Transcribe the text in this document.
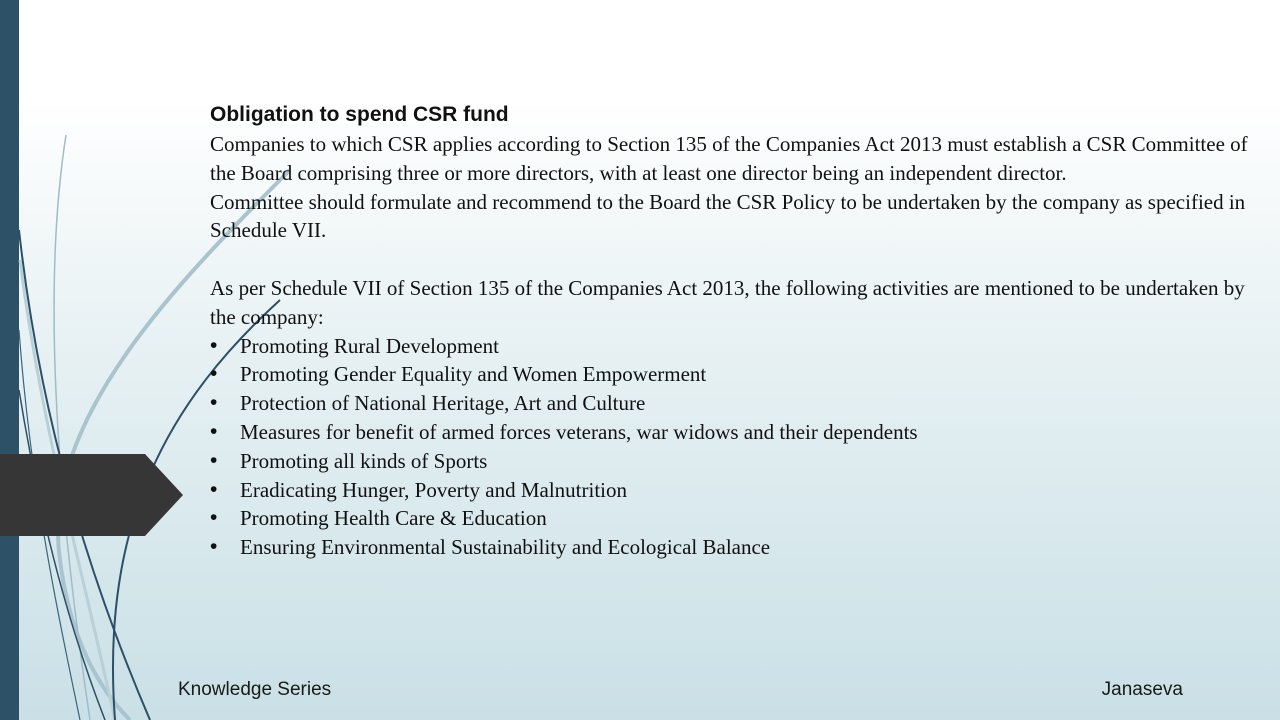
Obligation to spend CSR fund

Companies to which CSR applies according to Section 135 of the Companies Act 2013 must establish a CSR Committee of the Board comprising three or more directors, with at least one director being an independent director.

Committee should formulate and recommend to the Board the CSR Policy to be undertaken by the company as specified in Schedule VII.

As per Schedule VII of Section 135 of the Companies Act 2013, the following activities are mentioned to be undertaken by the company:

• Promoting Rural Development
• Promoting Gender Equality and Women Empowerment
• Protection of National Heritage, Art and Culture
• Measures for benefit of armed forces veterans, war widows and their dependents
• Promoting all kinds of Sports
• Eradicating Hunger, Poverty and Malnutrition
• Promoting Health Care & Education
• Ensuring Environmental Sustainability and Ecological Balance
Knowledge Series	Janaseva
